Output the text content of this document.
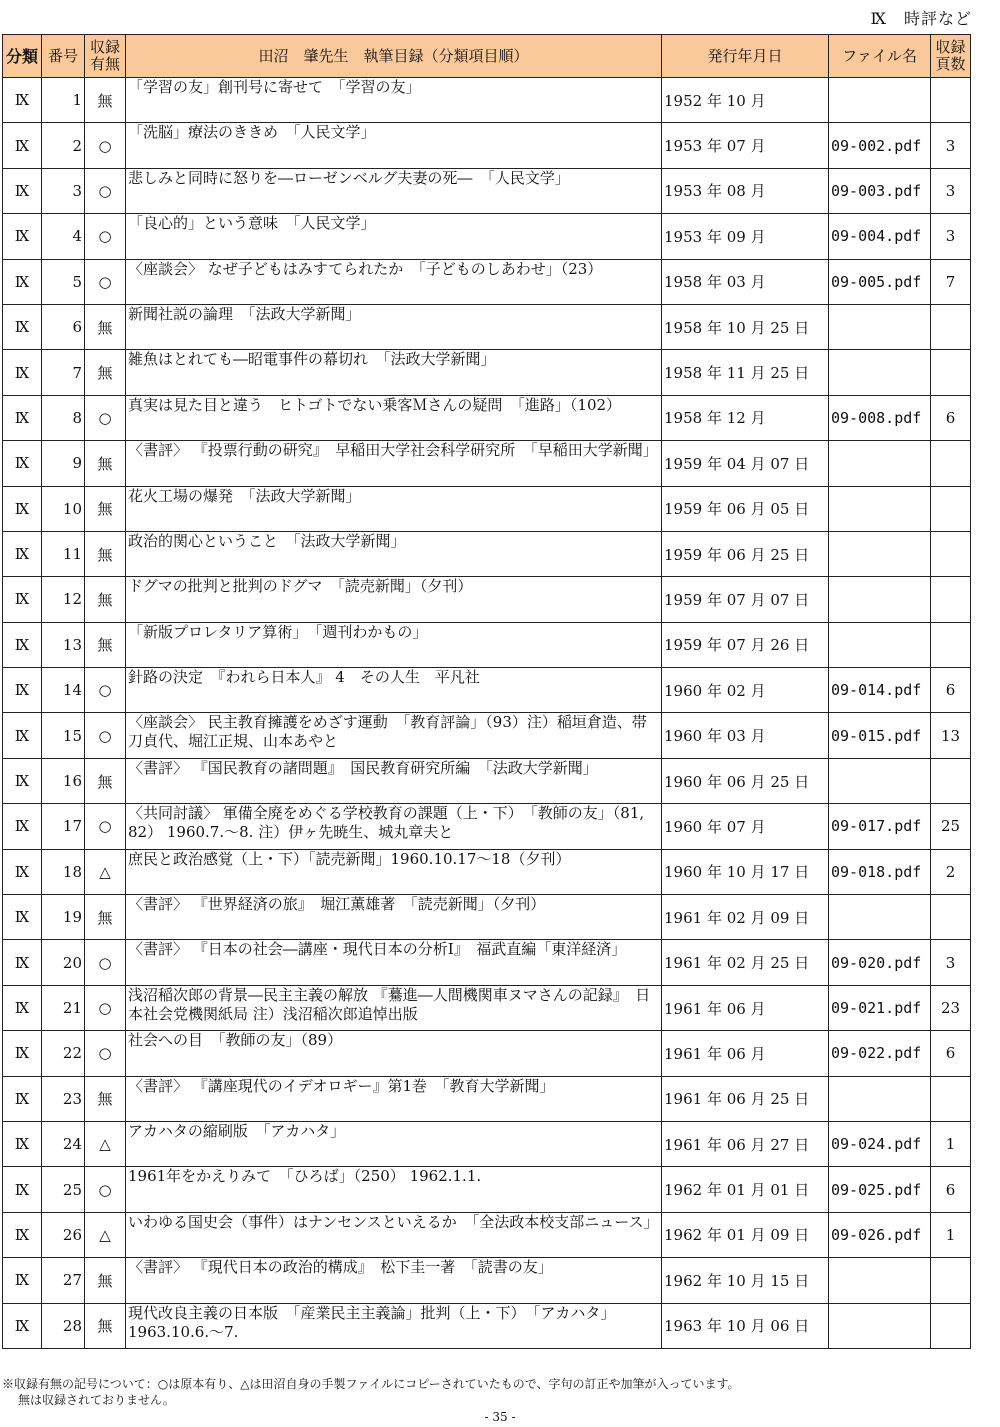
Ⅸ　時評など
分類	番号	収録
有無	田沼　肇先生　執筆目録（分類項目順）	発行年月日	ファイル名	収録
頁数
Ⅸ	1	無	「学習の友」創刊号に寄せて　「学習の友」	1952 年 10 月		
Ⅸ	2	○	「洗脳」療法のききめ　「人民文学」	1953 年 07 月	09-002.pdf	3
Ⅸ	3	○	悲しみと同時に怒りを―ローゼンベルグ夫妻の死―　「人民文学」	1953 年 08 月	09-003.pdf	3
Ⅸ	4	○	「良心的」という意味　「人民文学」	1953 年 09 月	09-004.pdf	3
Ⅸ	5	○	〈座談会〉 なぜ子どもはみすてられたか　「子どものしあわせ」（23）	1958 年 03 月	09-005.pdf	7
Ⅸ	6	無	新聞社説の論理　「法政大学新聞」	1958 年 10 月 25 日		
Ⅸ	7	無	雑魚はとれても―昭電事件の幕切れ　「法政大学新聞」	1958 年 11 月 25 日		
Ⅸ	8	○	真実は見た目と違う　ヒトゴトでない乗客Ｍさんの疑問　「進路」（102）	1958 年 12 月	09-008.pdf	6
Ⅸ	9	無	〈書評〉 『投票行動の研究』　早稲田大学社会科学研究所　「早稲田大学新聞」	1959 年 04 月 07 日		
Ⅸ	10	無	花火工場の爆発　「法政大学新聞」	1959 年 06 月 05 日		
Ⅸ	11	無	政治的関心ということ　「法政大学新聞」	1959 年 06 月 25 日		
Ⅸ	12	無	ドグマの批判と批判のドグマ　「読売新聞」（夕刊）	1959 年 07 月 07 日		
Ⅸ	13	無	「新版プロレタリア算術」　「週刊わかもの」	1959 年 07 月 26 日		
Ⅸ	14	○	針路の決定　『われら日本人』 4　その人生　平凡社	1960 年 02 月	09-014.pdf	6
Ⅸ	15	○	〈座談会〉 民主教育擁護をめざす運動　「教育評論」（93）注）稲垣倉造、帯刀貞代、堀江正規、山本あやと	1960 年 03 月	09-015.pdf	13
Ⅸ	16	無	〈書評〉 『国民教育の諸問題』　国民教育研究所編　「法政大学新聞」	1960 年 06 月 25 日		
Ⅸ	17	○	〈共同討議〉 軍備全廃をめぐる学校教育の課題（上・下）　「教師の友」（81, 82） 1960.7.～8. 注）伊ヶ先暁生、城丸章夫と	1960 年 07 月	09-017.pdf	25
Ⅸ	18	△	庶民と政治感覚（上・下）「読売新聞」1960.10.17～18（夕刊）	1960 年 10 月 17 日	09-018.pdf	2
Ⅸ	19	無	〈書評〉 『世界経済の旅』　堀江薫雄著　「読売新聞」（夕刊）	1961 年 02 月 09 日		
Ⅸ	20	○	〈書評〉 『日本の社会―講座・現代日本の分析Ⅰ』　福武直編「東洋経済」	1961 年 02 月 25 日	09-020.pdf	3
Ⅸ	21	○	浅沼稲次郎の背景―民主主義の解放 『驀進―人間機関車ヌマさんの記録』　日本社会党機関紙局 注）浅沼稲次郎追悼出版	1961 年 06 月	09-021.pdf	23
Ⅸ	22	○	社会への目　「教師の友」（89）	1961 年 06 月	09-022.pdf	6
Ⅸ	23	無	〈書評〉 『講座現代のイデオロギー』第1巻　「教育大学新聞」	1961 年 06 月 25 日		
Ⅸ	24	△	アカハタの縮刷版　「アカハタ」	1961 年 06 月 27 日	09-024.pdf	1
Ⅸ	25	○	1961年をかえりみて　「ひろば」（250） 1962.1.1.	1962 年 01 月 01 日	09-025.pdf	6
Ⅸ	26	△	いわゆる国史会（事件）はナンセンスといえるか　「全法政本校支部ニュース」	1962 年 01 月 09 日	09-026.pdf	1
Ⅸ	27	無	〈書評〉 『現代日本の政治的構成』　松下圭一著　「読書の友」	1962 年 10 月 15 日		
Ⅸ	28	無	現代改良主義の日本版　「産業民主主義論」批判（上・下）　「アカハタ」 1963.10.6.～7.	1963 年 10 月 06 日		
※収録有無の記号について：○は原本有り、△は田沼自身の手製ファイルにコピーされていたもので、字句の訂正や加筆が入っています。
無は収録されておりません。
- 35 -
